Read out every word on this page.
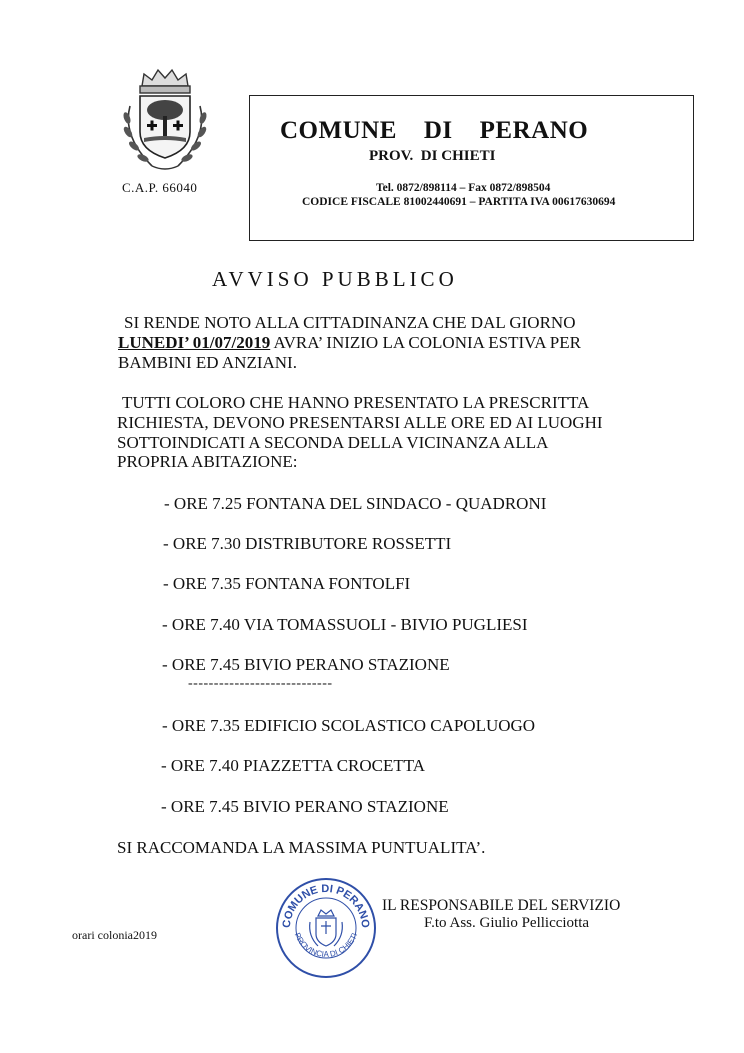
C.A.P. 66040
COMUNE    DI    PERANO
PROV.  DI CHIETI
Tel. 0872/898114 – Fax 0872/898504
CODICE FISCALE 81002440691 – PARTITA IVA 00617630694
AVVISO PUBBLICO
SI RENDE NOTO ALLA CITTADINANZA CHE DAL GIORNO
LUNEDI’ 01/07/2019 AVRA’ INIZIO LA COLONIA ESTIVA PER
BAMBINI ED ANZIANI.
TUTTI COLORO CHE HANNO PRESENTATO LA PRESCRITTA
RICHIESTA, DEVONO PRESENTARSI ALLE ORE ED AI LUOGHI
SOTTOINDICATI A SECONDA DELLA VICINANZA ALLA
PROPRIA ABITAZIONE:
- ORE 7.25 FONTANA DEL SINDACO - QUADRONI
- ORE 7.30 DISTRIBUTORE ROSSETTI
- ORE 7.35 FONTANA FONTOLFI
- ORE 7.40 VIA TOMASSUOLI - BIVIO PUGLIESI
- ORE 7.45 BIVIO PERANO STAZIONE
----------------------------
- ORE 7.35 EDIFICIO SCOLASTICO CAPOLUOGO
- ORE 7.40 PIAZZETTA CROCETTA
- ORE 7.45 BIVIO PERANO STAZIONE
SI RACCOMANDA LA MASSIMA PUNTUALITA’.
COMUNE DI PERANO
PROVINCIA DI CHIETI
IL RESPONSABILE DEL SERVIZIO
F.to Ass. Giulio Pellicciotta
orari colonia2019
